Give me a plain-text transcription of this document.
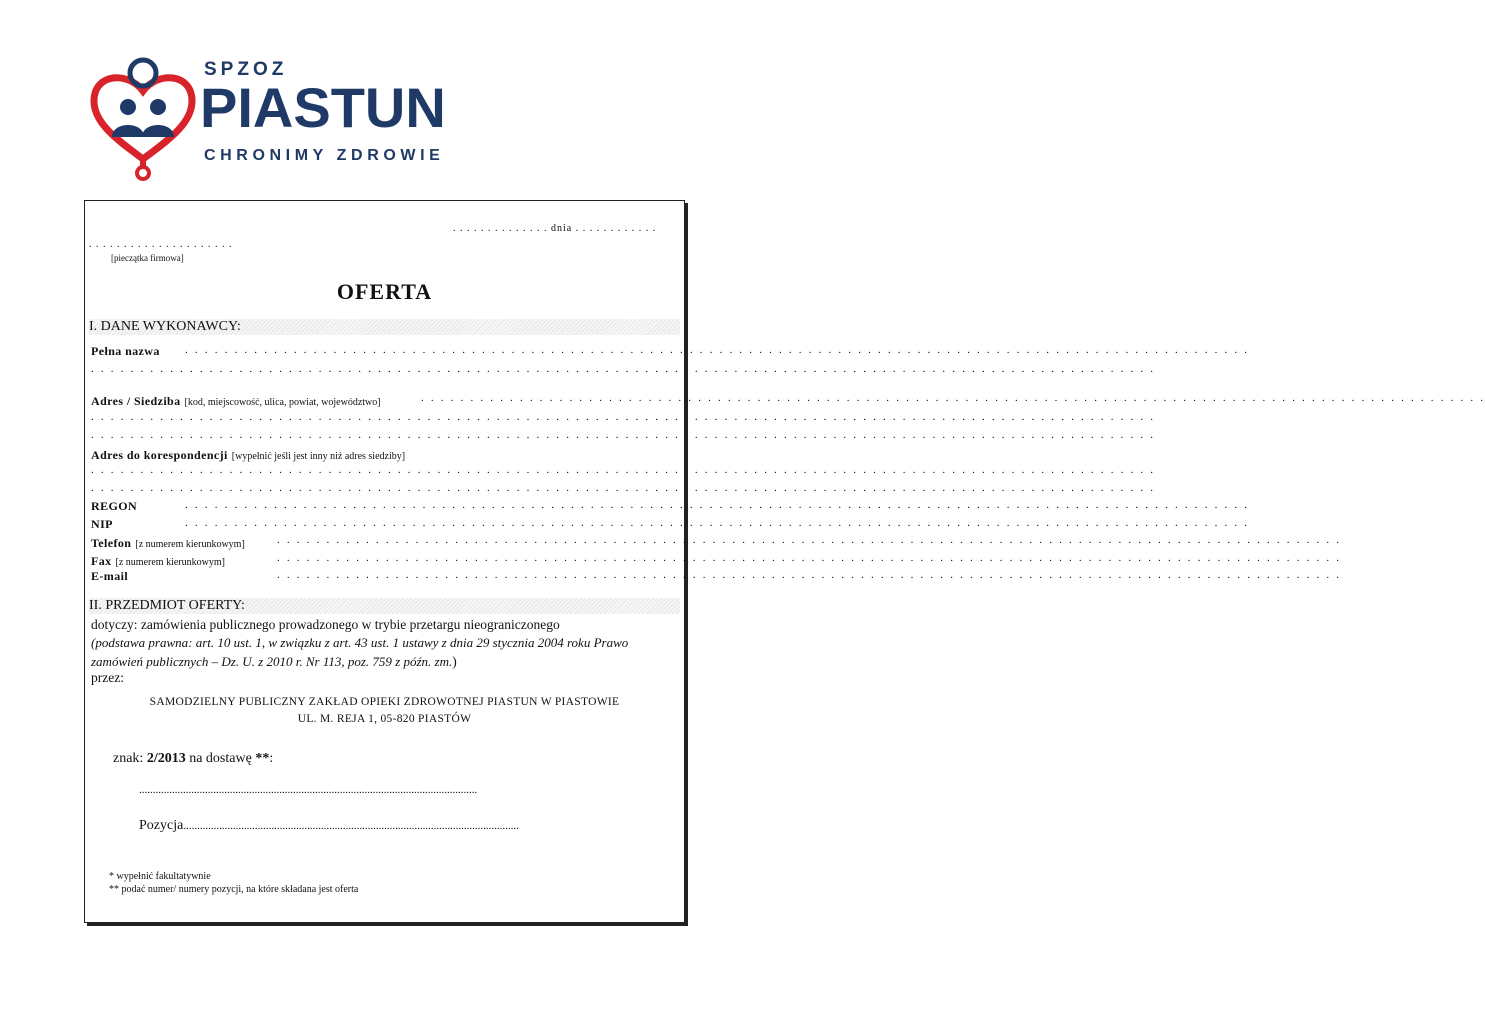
SPZOZ
PIASTUN
CHRONIMY ZDROWIE
. . . . . . . . . . . . . . dnia . . . . . . . . . . . .
. . . . . . . . . . . . . . . . . . . . .
[pieczątka firmowa]
OFERTA
I. DANE WYKONAWCY:
Pełna nazwa . . . . . . . . . . . . . . . . . . . . . . . . . . . . . . . . . . . . . . . . . . . . . . . . . . . . . . . . . . . . . . . . . . . . . . . . . . . . . . . . . . . . . . . . . . . . . . . . . . . . . . . . . . . .
. . . . . . . . . . . . . . . . . . . . . . . . . . . . . . . . . . . . . . . . . . . . . . . . . . . . . . . . . . . . . . . . . . . . . . . . . . . . . . . . . . . . . . . . . . . . . . . . . . . . . . . . . . . .
Adres / Siedziba [kod, miejscowość, ulica, powiat, województwo]	. . . . . . . . . . . . . . . . . . . . . . . . . . . . . . . . . . . . . . . . . . . . . . . . . . . . . . . . . . . . . . . . . . . . . . . . . . . . . . . . . . . . . . . . . . . . . . . . . . . . . . . . . . . .
. . . . . . . . . . . . . . . . . . . . . . . . . . . . . . . . . . . . . . . . . . . . . . . . . . . . . . . . . . . . . . . . . . . . . . . . . . . . . . . . . . . . . . . . . . . . . . . . . . . . . . . . . . . .
. . . . . . . . . . . . . . . . . . . . . . . . . . . . . . . . . . . . . . . . . . . . . . . . . . . . . . . . . . . . . . . . . . . . . . . . . . . . . . . . . . . . . . . . . . . . . . . . . . . . . . . . . . . .
Adres do korespondencji [wypełnić jeśli jest inny niż adres siedziby]
. . . . . . . . . . . . . . . . . . . . . . . . . . . . . . . . . . . . . . . . . . . . . . . . . . . . . . . . . . . . . . . . . . . . . . . . . . . . . . . . . . . . . . . . . . . . . . . . . . . . . . . . . . . .
. . . . . . . . . . . . . . . . . . . . . . . . . . . . . . . . . . . . . . . . . . . . . . . . . . . . . . . . . . . . . . . . . . . . . . . . . . . . . . . . . . . . . . . . . . . . . . . . . . . . . . . . . . . .
REGON	. . . . . . . . . . . . . . . . . . . . . . . . . . . . . . . . . . . . . . . . . . . . . . . . . . . . . . . . . . . . . . . . . . . . . . . . . . . . . . . . . . . . . . . . . . . . . . . . . . . . . . . . . . . .
NIP	. . . . . . . . . . . . . . . . . . . . . . . . . . . . . . . . . . . . . . . . . . . . . . . . . . . . . . . . . . . . . . . . . . . . . . . . . . . . . . . . . . . . . . . . . . . . . . . . . . . . . . . . . . . .
Telefon [z numerem kierunkowym]	. . . . . . . . . . . . . . . . . . . . . . . . . . . . . . . . . . . . . . . . . . . . . . . . . . . . . . . . . . . . . . . . . . . . . . . . . . . . . . . . . . . . . . . . . . . . . . . . . . . . . . . . . . . .
Fax [z numerem kierunkowym]	. . . . . . . . . . . . . . . . . . . . . . . . . . . . . . . . . . . . . . . . . . . . . . . . . . . . . . . . . . . . . . . . . . . . . . . . . . . . . . . . . . . . . . . . . . . . . . . . . . . . . . . . . . . .
E-mail	. . . . . . . . . . . . . . . . . . . . . . . . . . . . . . . . . . . . . . . . . . . . . . . . . . . . . . . . . . . . . . . . . . . . . . . . . . . . . . . . . . . . . . . . . . . . . . . . . . . . . . . . . . . .
II. PRZEDMIOT OFERTY:
dotyczy: zamówienia publicznego prowadzonego w trybie przetargu nieograniczonego
(podstawa prawna: art. 10 ust. 1, w związku z art. 43 ust. 1 ustawy z dnia 29 stycznia 2004 roku Prawo
zamówień publicznych – Dz. U. z 2010 r. Nr 113, poz. 759 z późn. zm.)
przez:
SAMODZIELNY PUBLICZNY ZAKŁAD OPIEKI ZDROWOTNEJ PIASTUN W PIASTOWIE
UL. M. REJA 1, 05-820 PIASTÓW
znak: 2/2013 na dostawę **:
...........................................................................................................................
Pozycja..........................................................................................................................
* wypełnić fakultatywnie
** podać numer/ numery pozycji, na które składana jest oferta
